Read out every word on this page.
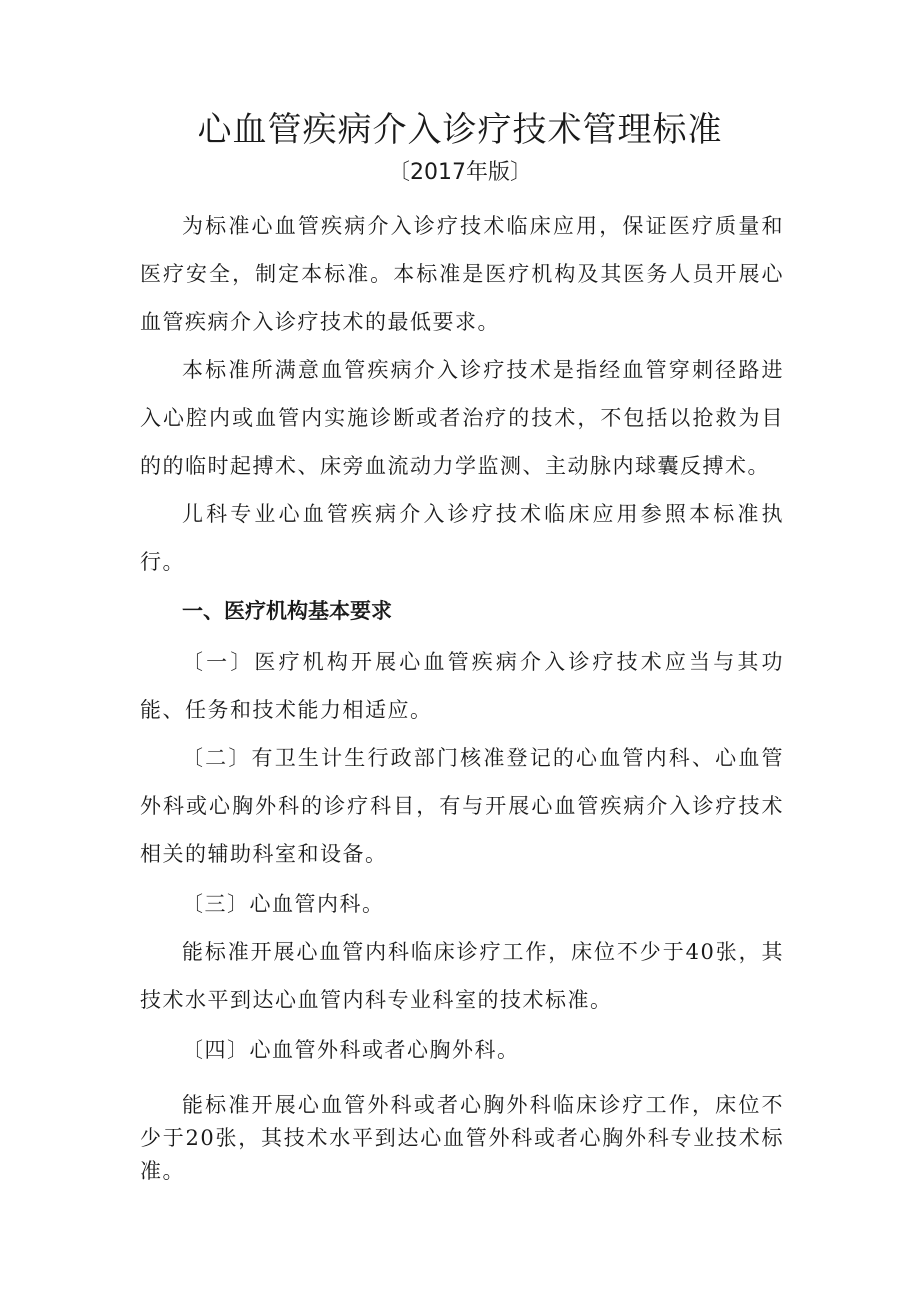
心血管疾病介入诊疗技术管理标准

〔2017年版〕

为标准心血管疾病介入诊疗技术临床应用，保证医疗质量和医疗安全，制定本标准。本标准是医疗机构及其医务人员开展心血管疾病介入诊疗技术的最低要求。

本标准所满意血管疾病介入诊疗技术是指经血管穿刺径路进入心腔内或血管内实施诊断或者治疗的技术，不包括以抢救为目的的临时起搏术、床旁血流动力学监测、主动脉内球囊反搏术。

儿科专业心血管疾病介入诊疗技术临床应用参照本标准执行。

一、医疗机构基本要求

〔一〕医疗机构开展心血管疾病介入诊疗技术应当与其功能、任务和技术能力相适应。

〔二〕有卫生计生行政部门核准登记的心血管内科、心血管外科或心胸外科的诊疗科目，有与开展心血管疾病介入诊疗技术相关的辅助科室和设备。

〔三〕心血管内科。

能标准开展心血管内科临床诊疗工作，床位不少于40张，其技术水平到达心血管内科专业科室的技术标准。

〔四〕心血管外科或者心胸外科。

能标准开展心血管外科或者心胸外科临床诊疗工作，床位不少于20张，其技术水平到达心血管外科或者心胸外科专业技术标准。
